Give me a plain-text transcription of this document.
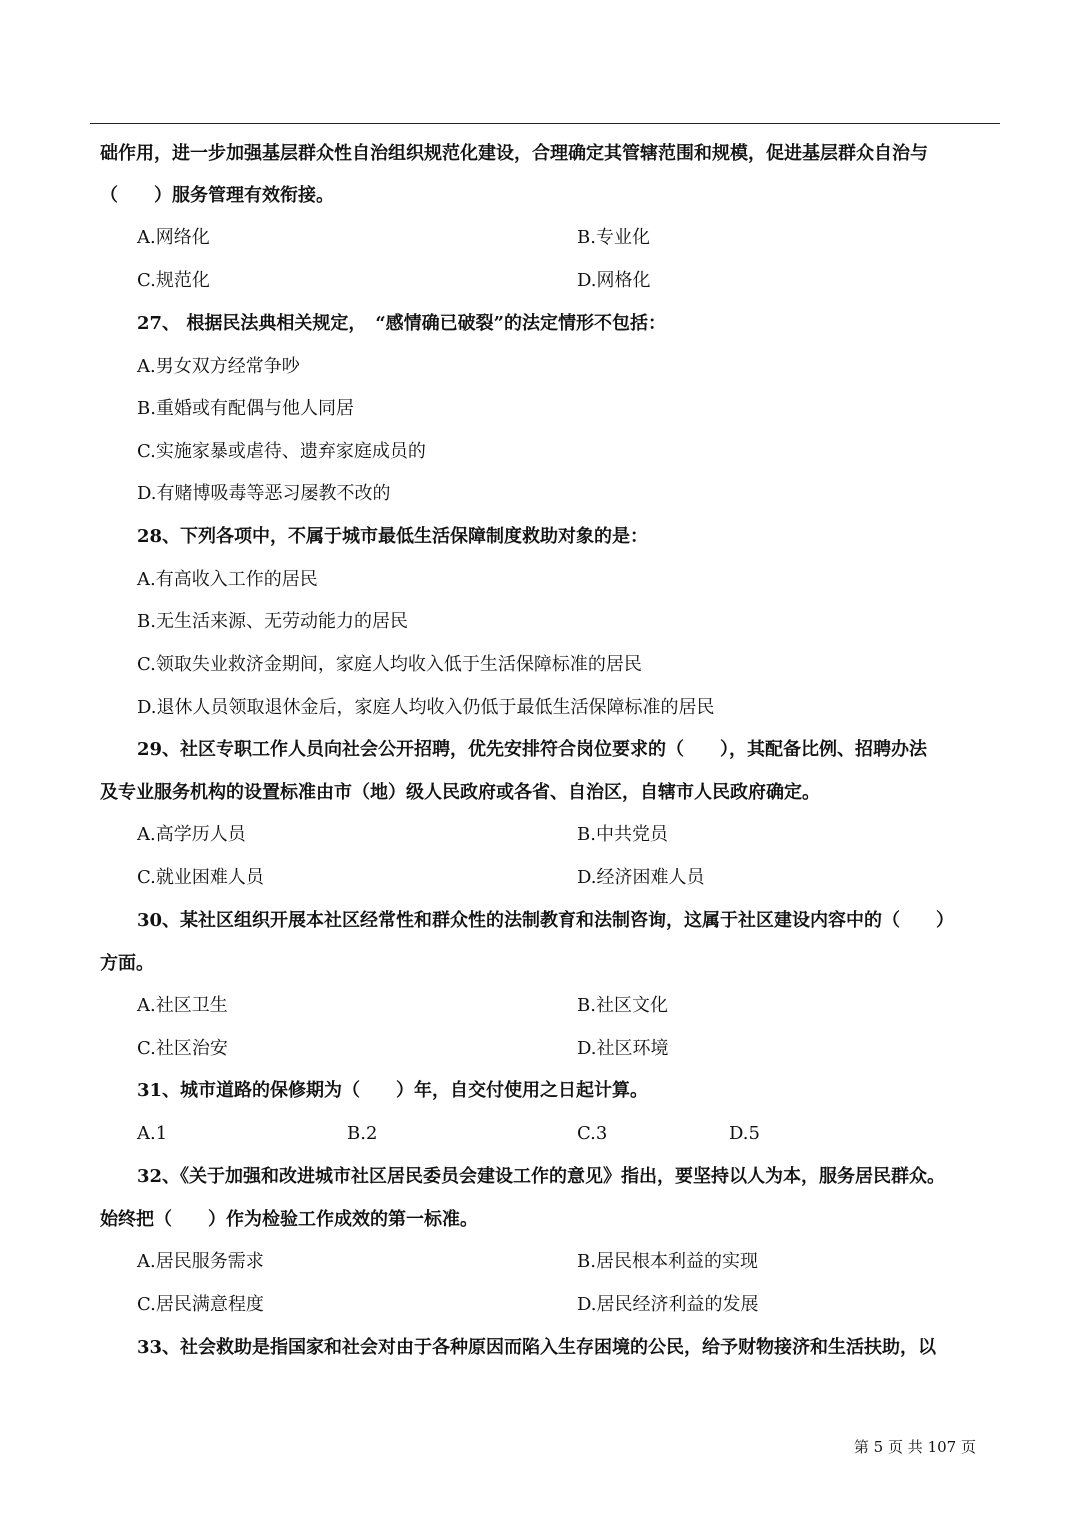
础作用，进一步加强基层群众性自治组织规范化建设，合理确定其管辖范围和规模，促进基层群众自治与
（　　）服务管理有效衔接。
A.网络化	B.专业化
C.规范化	D.网格化
27、 根据民法典相关规定，　“感情确已破裂”的法定情形不包括：
A.男女双方经常争吵
B.重婚或有配偶与他人同居
C.实施家暴或虐待、遗弃家庭成员的
D.有赌博吸毒等恶习屡教不改的
28、下列各项中，不属于城市最低生活保障制度救助对象的是：
A.有高收入工作的居民
B.无生活来源、无劳动能力的居民
C.领取失业救济金期间，家庭人均收入低于生活保障标准的居民
D.退休人员领取退休金后，家庭人均收入仍低于最低生活保障标准的居民
29、社区专职工作人员向社会公开招聘，优先安排符合岗位要求的（　　），其配备比例、招聘办法
及专业服务机构的设置标准由市（地）级人民政府或各省、自治区，自辖市人民政府确定。
A.高学历人员	B.中共党员
C.就业困难人员	D.经济困难人员
30、某社区组织开展本社区经常性和群众性的法制教育和法制咨询，这属于社区建设内容中的（　　）
方面。
A.社区卫生	B.社区文化
C.社区治安	D.社区环境
31、城市道路的保修期为（　　）年，自交付使用之日起计算。
A.1	B.2	C.3	D.5
32、《关于加强和改进城市社区居民委员会建设工作的意见》指出，要坚持以人为本，服务居民群众。
始终把（　　）作为检验工作成效的第一标准。
A.居民服务需求	B.居民根本利益的实现
C.居民满意程度	D.居民经济利益的发展
33、社会救助是指国家和社会对由于各种原因而陷入生存困境的公民，给予财物接济和生活扶助，以
第 5 页 共 107 页
